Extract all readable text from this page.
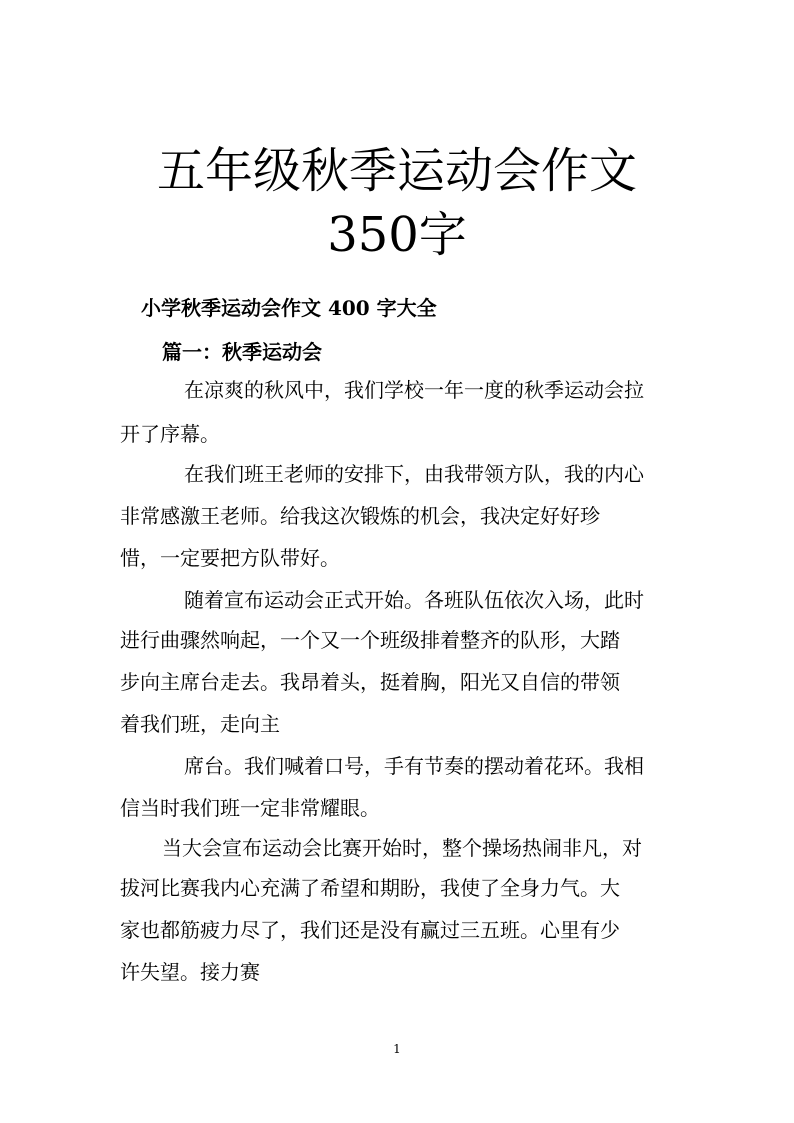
五年级秋季运动会作文
350字
小学秋季运动会作文 400 字大全
篇一：秋季运动会
在凉爽的秋风中，我们学校一年一度的秋季运动会拉
开了序幕。
在我们班王老师的安排下，由我带领方队，我的内心
非常感激王老师。给我这次锻炼的机会，我决定好好珍
惜，一定要把方队带好。
随着宣布运动会正式开始。各班队伍依次入场，此时
进行曲骤然响起，一个又一个班级排着整齐的队形，大踏
步向主席台走去。我昂着头，挺着胸，阳光又自信的带领
着我们班，走向主
席台。我们喊着口号，手有节奏的摆动着花环。我相
信当时我们班一定非常耀眼。
当大会宣布运动会比赛开始时，整个操场热闹非凡，对
拔河比赛我内心充满了希望和期盼，我使了全身力气。大
家也都筋疲力尽了，我们还是没有赢过三五班。心里有少
许失望。接力赛
1
